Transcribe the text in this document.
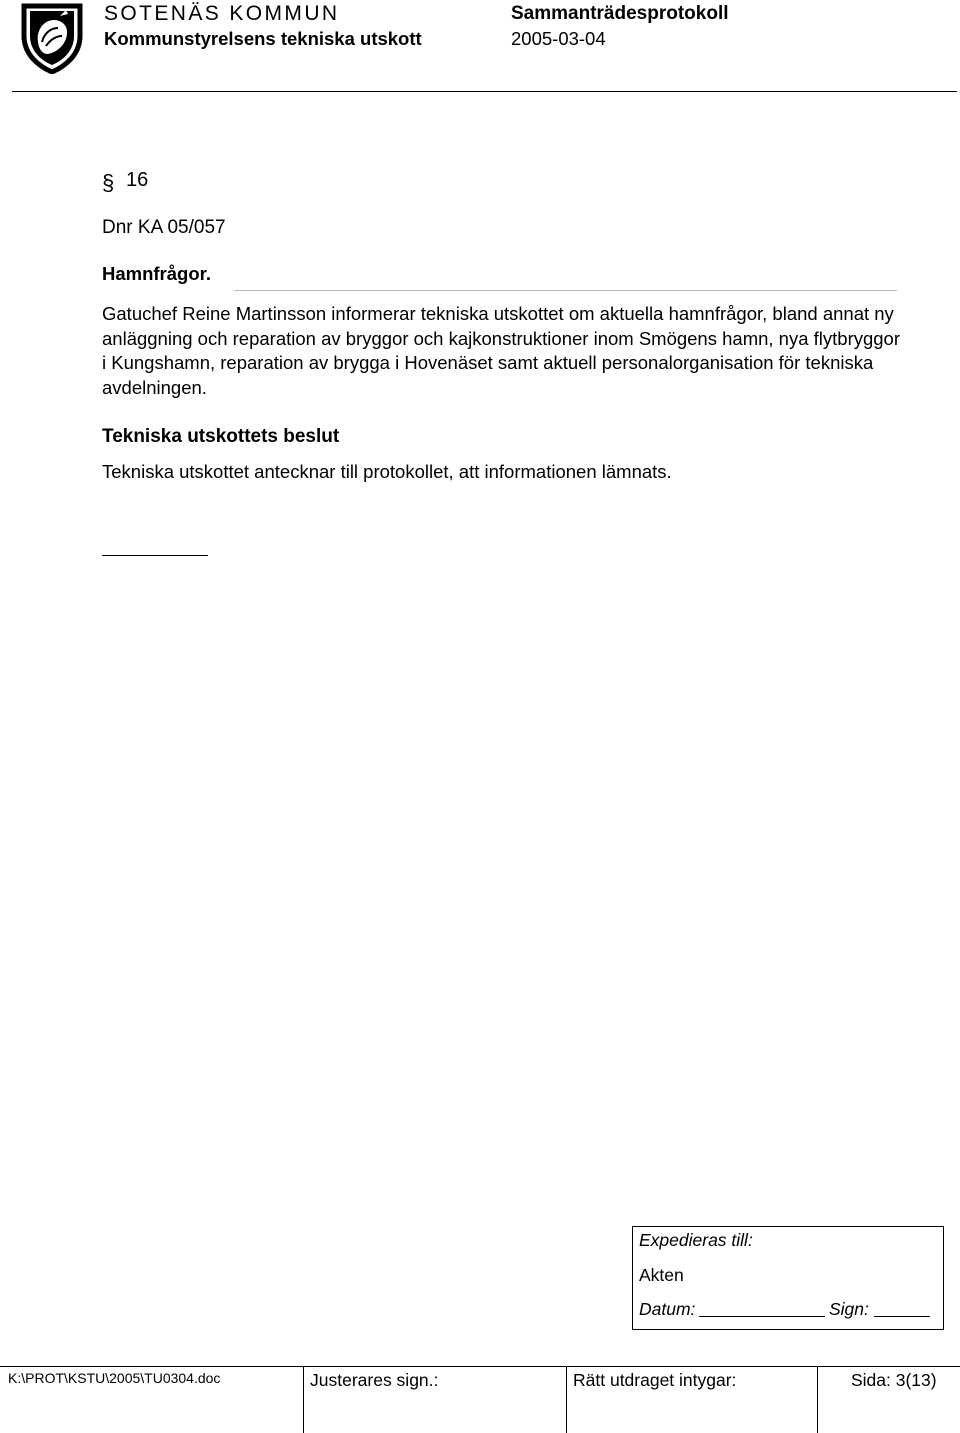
SOTENÄS KOMMUN
Kommunstyrelsens tekniska utskott
Sammanträdesprotokoll
2005-03-04
§ 16
Dnr KA 05/057
Hamnfrågor.
Gatuchef Reine Martinsson informerar tekniska utskottet om aktuella hamnfrågor, bland annat ny anläggning och reparation av bryggor och kajkonstruktioner inom Smögens hamn, nya flytbryggor i Kungshamn, reparation av brygga i Hovenäset samt aktuell personalorganisation för tekniska avdelningen.
Tekniska utskottets beslut
Tekniska utskottet antecknar till protokollet, att informationen lämnats.
Expedieras till:
Akten
Datum:	Sign:
K:\PROT\KSTU\2005\TU0304.doc	Justerares sign.:	Rätt utdraget intygar:	Sida: 3(13)
